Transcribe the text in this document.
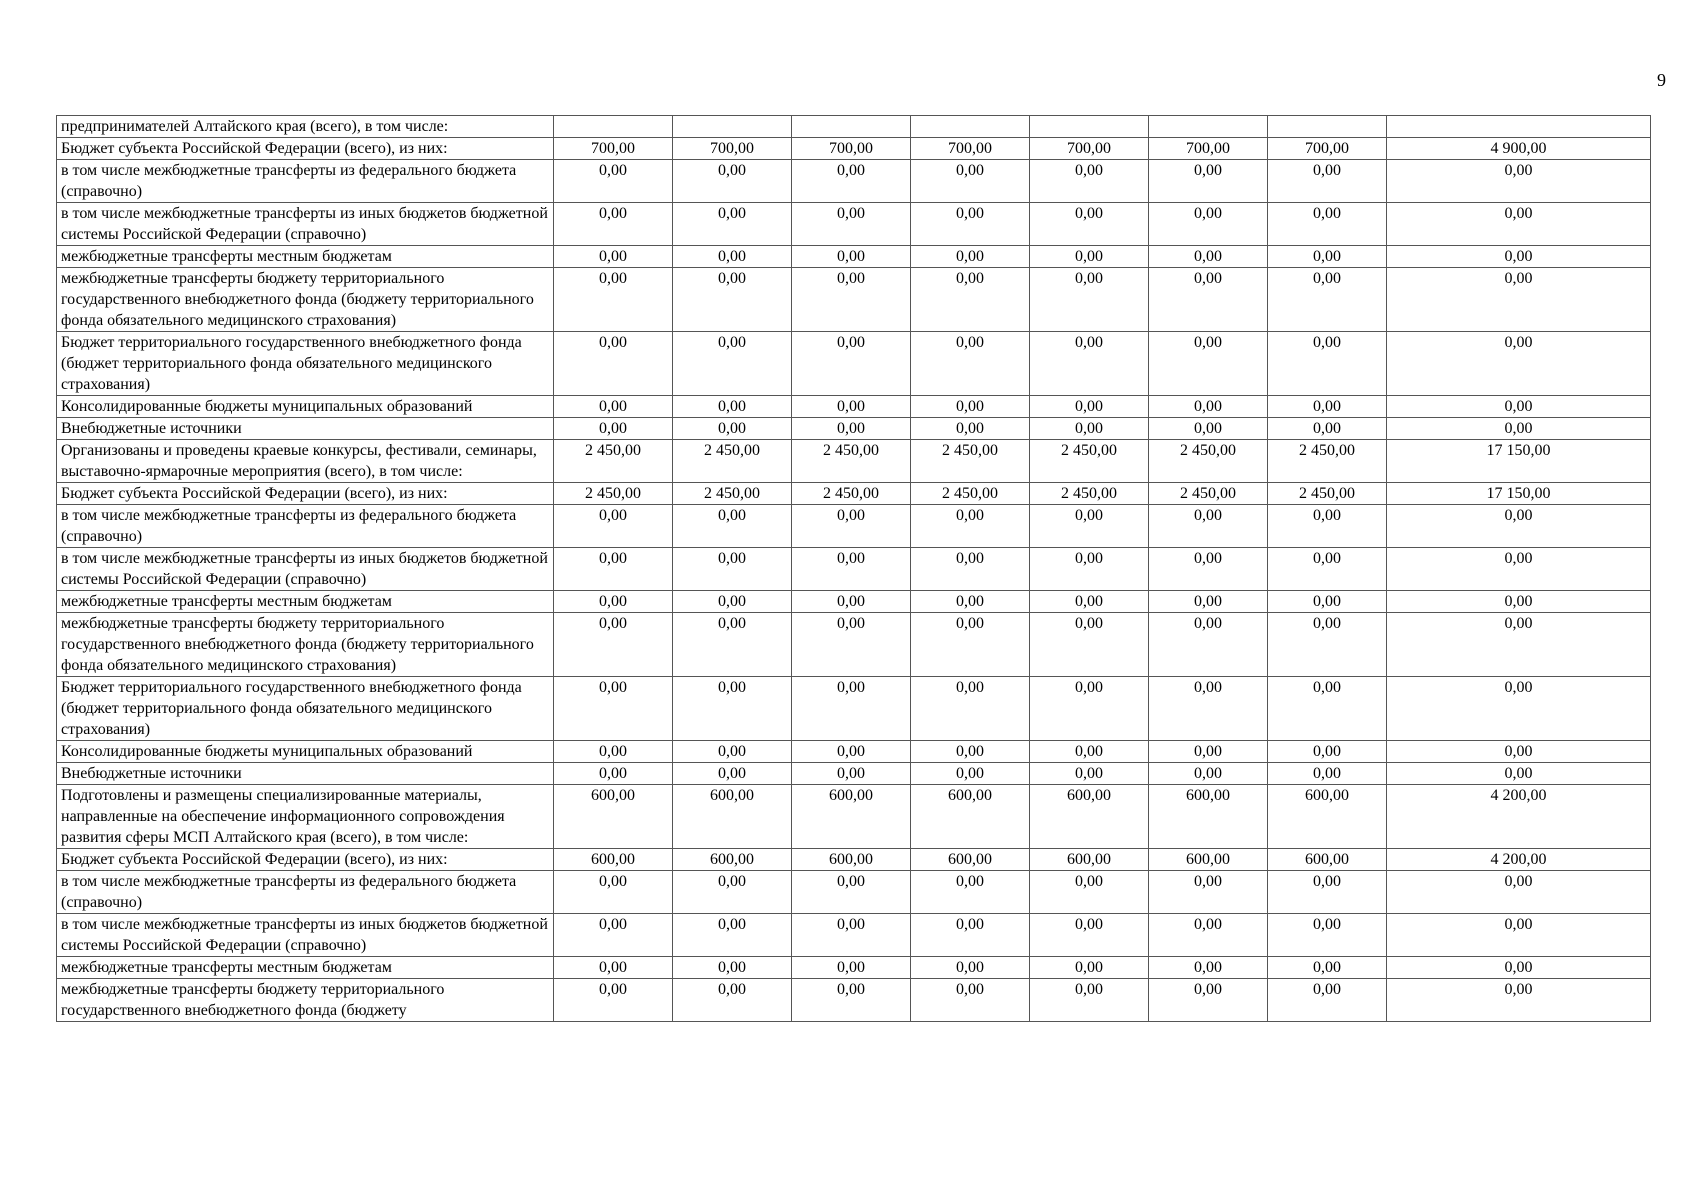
9
предпринимателей Алтайского края (всего), в том числе:								
Бюджет субъекта Российской Федерации (всего), из них:	700,00	700,00	700,00	700,00	700,00	700,00	700,00	4 900,00
в том числе межбюджетные трансферты из федерального бюджета (справочно)	0,00	0,00	0,00	0,00	0,00	0,00	0,00	0,00
в том числе межбюджетные трансферты из иных бюджетов бюджетной системы Российской Федерации (справочно)	0,00	0,00	0,00	0,00	0,00	0,00	0,00	0,00
межбюджетные трансферты местным бюджетам	0,00	0,00	0,00	0,00	0,00	0,00	0,00	0,00
межбюджетные трансферты бюджету территориального государственного внебюджетного фонда (бюджету территориального фонда обязательного медицинского страхования)	0,00	0,00	0,00	0,00	0,00	0,00	0,00	0,00
Бюджет территориального государственного внебюджетного фонда (бюджет территориального фонда обязательного медицинского страхования)	0,00	0,00	0,00	0,00	0,00	0,00	0,00	0,00
Консолидированные бюджеты муниципальных образований	0,00	0,00	0,00	0,00	0,00	0,00	0,00	0,00
Внебюджетные источники	0,00	0,00	0,00	0,00	0,00	0,00	0,00	0,00
Организованы и проведены краевые конкурсы, фестивали, семинары, выставочно-ярмарочные мероприятия (всего), в том числе:	2 450,00	2 450,00	2 450,00	2 450,00	2 450,00	2 450,00	2 450,00	17 150,00
Бюджет субъекта Российской Федерации (всего), из них:	2 450,00	2 450,00	2 450,00	2 450,00	2 450,00	2 450,00	2 450,00	17 150,00
в том числе межбюджетные трансферты из федерального бюджета (справочно)	0,00	0,00	0,00	0,00	0,00	0,00	0,00	0,00
в том числе межбюджетные трансферты из иных бюджетов бюджетной системы Российской Федерации (справочно)	0,00	0,00	0,00	0,00	0,00	0,00	0,00	0,00
межбюджетные трансферты местным бюджетам	0,00	0,00	0,00	0,00	0,00	0,00	0,00	0,00
межбюджетные трансферты бюджету территориального государственного внебюджетного фонда (бюджету территориального фонда обязательного медицинского страхования)	0,00	0,00	0,00	0,00	0,00	0,00	0,00	0,00
Бюджет территориального государственного внебюджетного фонда (бюджет территориального фонда обязательного медицинского страхования)	0,00	0,00	0,00	0,00	0,00	0,00	0,00	0,00
Консолидированные бюджеты муниципальных образований	0,00	0,00	0,00	0,00	0,00	0,00	0,00	0,00
Внебюджетные источники	0,00	0,00	0,00	0,00	0,00	0,00	0,00	0,00
Подготовлены и размещены специализированные материалы, направленные на обеспечение информационного сопровождения развития сферы МСП Алтайского края (всего), в том числе:	600,00	600,00	600,00	600,00	600,00	600,00	600,00	4 200,00
Бюджет субъекта Российской Федерации (всего), из них:	600,00	600,00	600,00	600,00	600,00	600,00	600,00	4 200,00
в том числе межбюджетные трансферты из федерального бюджета (справочно)	0,00	0,00	0,00	0,00	0,00	0,00	0,00	0,00
в том числе межбюджетные трансферты из иных бюджетов бюджетной системы Российской Федерации (справочно)	0,00	0,00	0,00	0,00	0,00	0,00	0,00	0,00
межбюджетные трансферты местным бюджетам	0,00	0,00	0,00	0,00	0,00	0,00	0,00	0,00
межбюджетные трансферты бюджету территориального государственного внебюджетного фонда (бюджету	0,00	0,00	0,00	0,00	0,00	0,00	0,00	0,00
